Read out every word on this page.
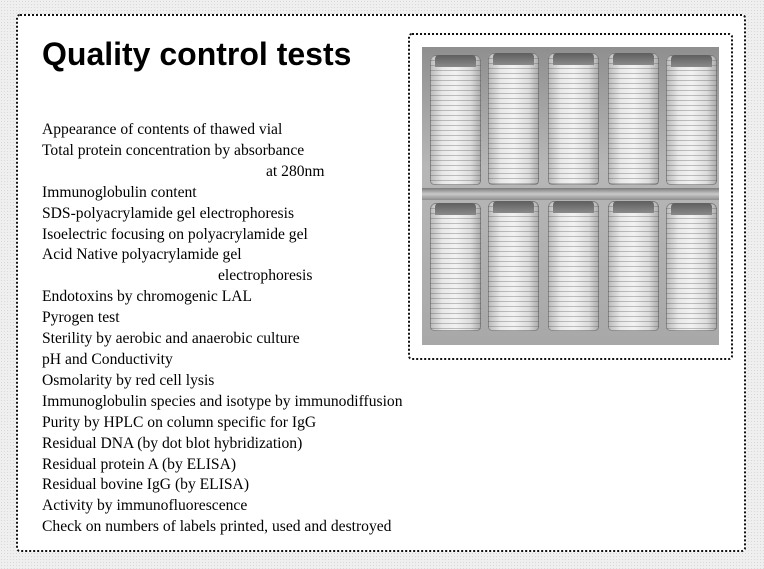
Quality control tests
Appearance of contents of thawed vial
Total protein concentration by absorbance
at 280nm
Immunoglobulin content
SDS-polyacrylamide gel electrophoresis
Isoelectric focusing on polyacrylamide gel
Acid Native polyacrylamide gel
electrophoresis
Endotoxins by chromogenic LAL
Pyrogen test
Sterility by aerobic and anaerobic culture
pH and Conductivity
Osmolarity by red cell lysis
Immunoglobulin species and isotype by immunodiffusion
Purity by HPLC on column specific for IgG
Residual DNA (by dot blot hybridization)
Residual protein A (by ELISA)
Residual bovine IgG (by ELISA)
Activity by immunofluorescence
Check on numbers of labels printed, used and destroyed
